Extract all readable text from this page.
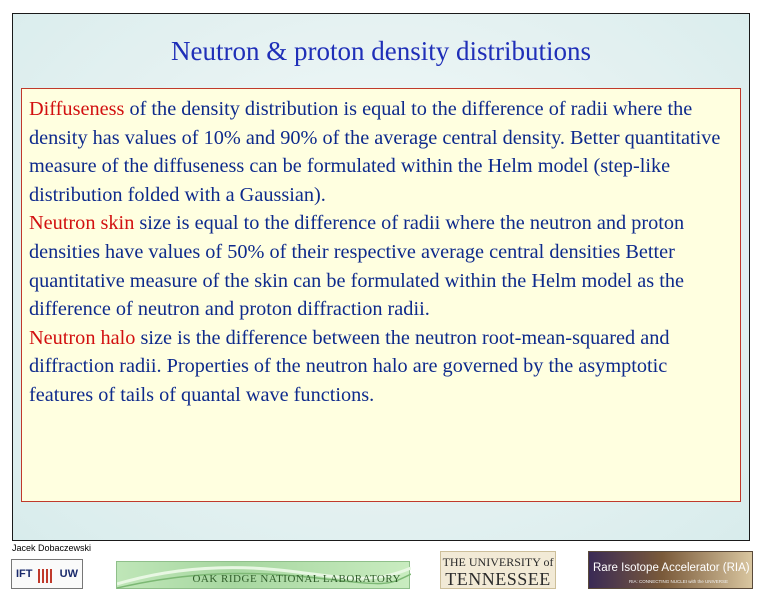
Neutron & proton density distributions

Diffuseness of the density distribution is equal to the difference of radii where the density has values of 10% and 90% of the average central density. Better quantitative measure of the diffuseness can be formulated within the Helm model (step-like distribution folded with a Gaussian).

Neutron skin size is equal to the difference of radii where the neutron and proton densities have values of 50% of their respective average central densities Better quantitative measure of the skin can be formulated within the Helm model as the difference of neutron and proton diffraction radii.

Neutron halo size is the difference between the neutron root-mean-squared and diffraction radii. Properties of the neutron halo are governed by the asymptotic features of tails of quantal wave functions.

Jacek Dobaczewski
IFT UW	OAK RIDGE NATIONAL LABORATORY
THE UNIVERSITY of
TENNESSEE
Rare Isotope Accelerator (RIA)
RIA: CONNECTING NUCLEI with the UNIVERSE
